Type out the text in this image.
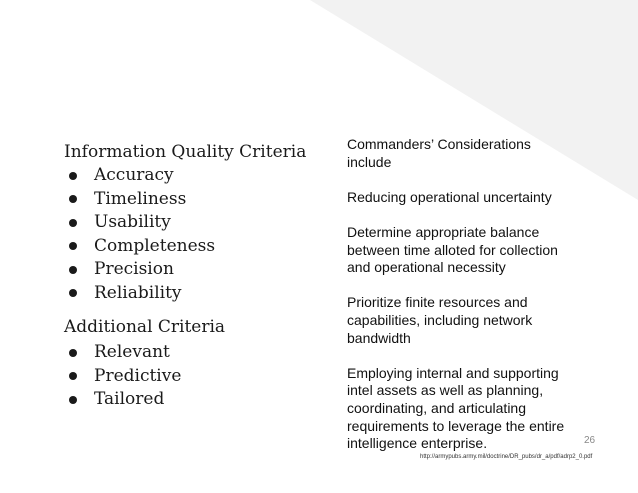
Information Quality Criteria
Accuracy
Timeliness
Usability
Completeness
Precision
Reliability
Additional Criteria
Relevant
Predictive
Tailored

Commanders’ Considerations include

Reducing operational uncertainty

Determine appropriate balance between time alloted for collection and operational necessity

Prioritize finite resources and capabilities, including network bandwidth

Employing internal and supporting intel assets as well as planning, coordinating, and articulating requirements to leverage the entire intelligence enterprise.	26
http://armypubs.army.mil/doctrine/DR_pubs/dr_a/pdf/adrp2_0.pdf
